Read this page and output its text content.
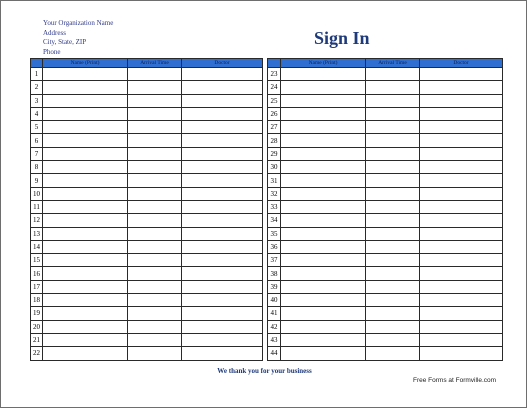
Your Organization Name
Address
City, State, ZIP
Phone
Sign In
	Name (Print)	Arrival Time	Doctor
1			
2			
3			
4			
5			
6			
7			
8			
9			
10			
11			
12			
13			
14			
15			
16			
17			
18			
19			
20			
21			
22			
	Name (Print)	Arrival Time	Doctor
23			
24			
25			
26			
27			
28			
29			
30			
31			
32			
33			
34			
35			
36			
37			
38			
39			
40			
41			
42			
43			
44			
We thank you for your business
Free Forms at Formville.com
